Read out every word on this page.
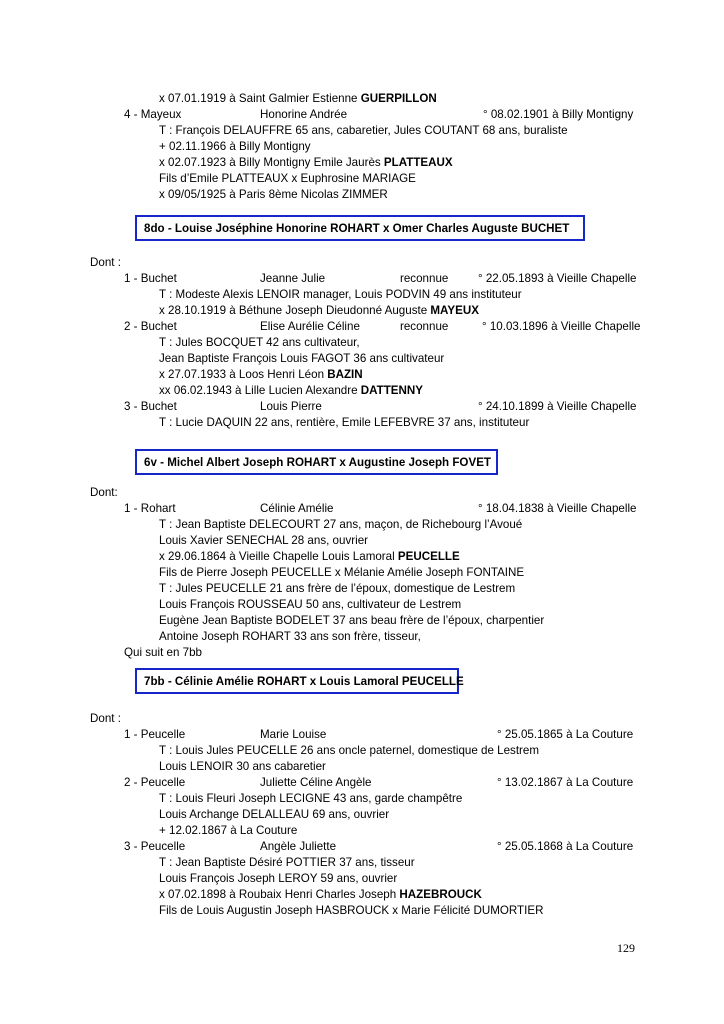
x 07.01.1919 à Saint Galmier Estienne GUERPILLON
4 - Mayeux	Honorine Andrée	° 08.02.1901 à Billy Montigny
T : François DELAUFFRE 65 ans, cabaretier, Jules COUTANT 68 ans, buraliste
+ 02.11.1966 à Billy Montigny
x 02.07.1923 à Billy Montigny Emile Jaurès PLATTEAUX
Fils d’Emile PLATTEAUX x Euphrosine MARIAGE
x 09/05/1925 à Paris 8ème Nicolas ZIMMER
8do - Louise Joséphine Honorine ROHART x Omer Charles Auguste BUCHET
Dont :
1 - Buchet	Jeanne Julie	reconnue	° 22.05.1893 à Vieille Chapelle
T : Modeste Alexis LENOIR manager, Louis PODVIN 49 ans instituteur
x 28.10.1919 à Béthune Joseph Dieudonné Auguste MAYEUX
2 - Buchet	Elise Aurélie Céline	reconnue	° 10.03.1896 à Vieille Chapelle
T : Jules BOCQUET 42 ans cultivateur,
Jean Baptiste François Louis FAGOT 36 ans cultivateur
x 27.07.1933 à Loos Henri Léon BAZIN
xx 06.02.1943 à Lille Lucien Alexandre DATTENNY
3 - Buchet	Louis Pierre	° 24.10.1899 à Vieille Chapelle
T : Lucie DAQUIN 22 ans, rentière, Emile LEFEBVRE 37 ans, instituteur
6v - Michel Albert Joseph ROHART x Augustine Joseph FOVET
Dont:
1 - Rohart	Célinie Amélie	° 18.04.1838 à Vieille Chapelle
T : Jean Baptiste DELECOURT 27 ans, maçon, de Richebourg l’Avoué
Louis Xavier SENECHAL 28 ans, ouvrier
x 29.06.1864 à Vieille Chapelle Louis Lamoral PEUCELLE
Fils de Pierre Joseph PEUCELLE x Mélanie Amélie Joseph FONTAINE
T : Jules PEUCELLE 21 ans frère de l’époux, domestique de Lestrem
Louis François ROUSSEAU 50 ans, cultivateur de Lestrem
Eugène Jean Baptiste BODELET 37 ans beau frère de l’époux, charpentier
Antoine Joseph ROHART 33 ans son frère, tisseur,
Qui suit en 7bb
7bb - Célinie Amélie ROHART x Louis Lamoral PEUCELLE
Dont :
1 - Peucelle	Marie Louise	° 25.05.1865 à La Couture
T : Louis Jules PEUCELLE 26 ans oncle paternel, domestique de Lestrem
Louis LENOIR 30 ans cabaretier
2 - Peucelle	Juliette Céline Angèle	° 13.02.1867 à La Couture
T : Louis Fleuri Joseph LECIGNE 43 ans, garde champêtre
Louis Archange DELALLEAU 69 ans, ouvrier
+ 12.02.1867 à La Couture
3 - Peucelle	Angèle Juliette	° 25.05.1868 à La Couture
T : Jean Baptiste Désiré POTTIER 37 ans, tisseur
Louis François Joseph LEROY 59 ans, ouvrier
x 07.02.1898 à Roubaix Henri Charles Joseph HAZEBROUCK
Fils de Louis Augustin Joseph HASBROUCK x Marie Félicité DUMORTIER
129
